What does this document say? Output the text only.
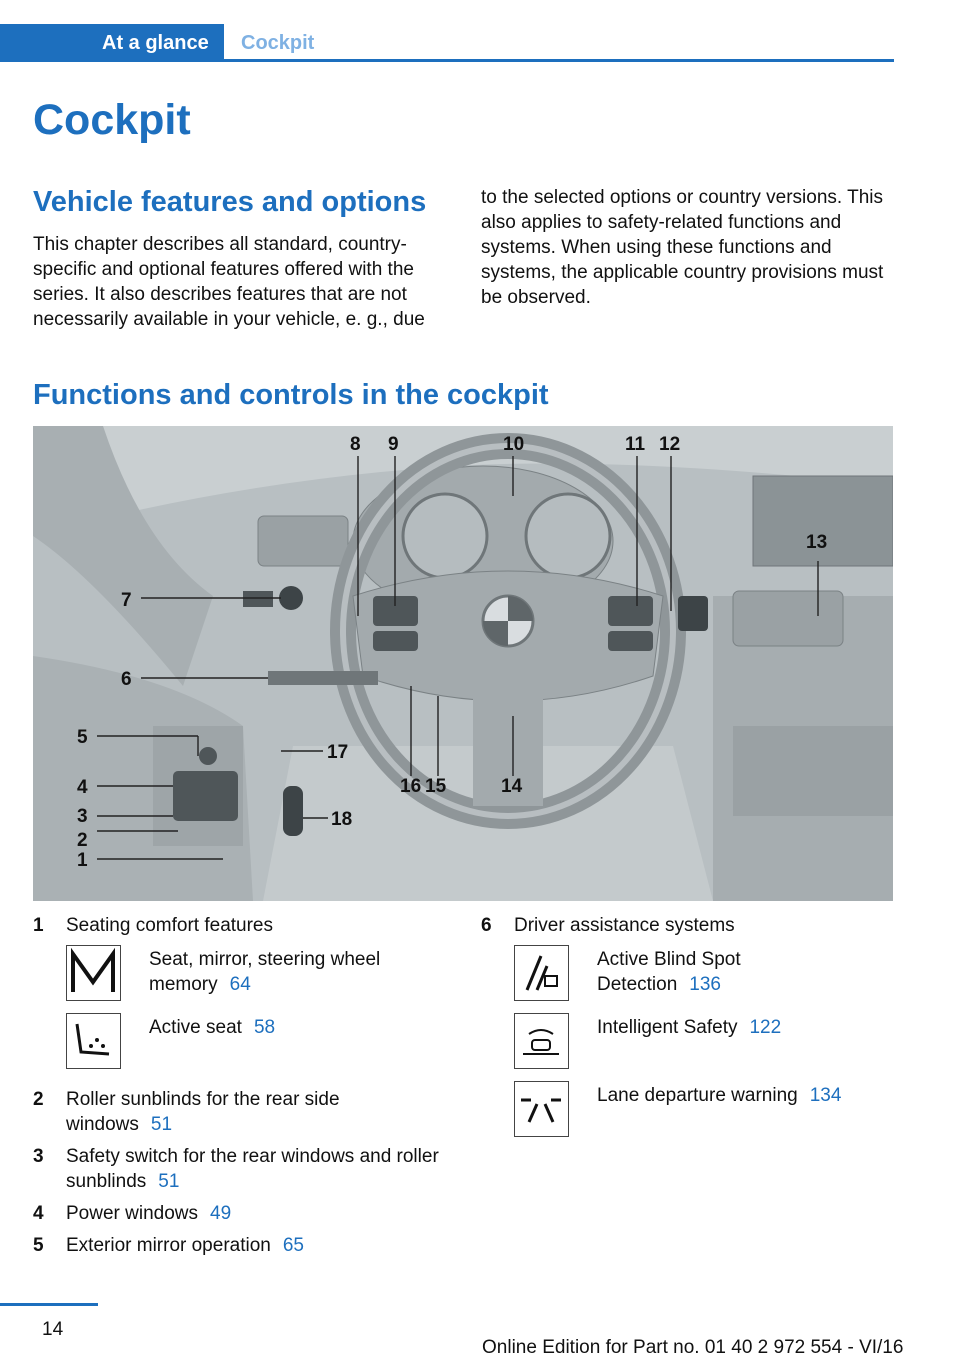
At a glance Cockpit
Cockpit
Vehicle features and options

This chapter describes all standard, country-specific and optional features offered with the series. It also describes features that are not necessarily available in your vehicle, e. g., due

to the selected options or country versions. This also applies to safety-related functions and systems. When using these functions and systems, the applicable country provisions must be observed.

Functions and controls in the cockpit
8 9	10	11 12
13
7
6
5
4
3
2
1
17
18
16 15	14
1 Seating comfort features
Seat, mirror, steering wheel memory 64
Active seat 58
2 Roller sunblinds for the rear side windows 51
3 Safety switch for the rear windows and roller sunblinds 51
4 Power windows 49
5 Exterior mirror operation 65
6 Driver assistance systems
Active Blind Spot Detection 136
Intelligent Safety 122
Lane departure warning 134
14
Online Edition for Part no. 01 40 2 972 554 - VI/16
